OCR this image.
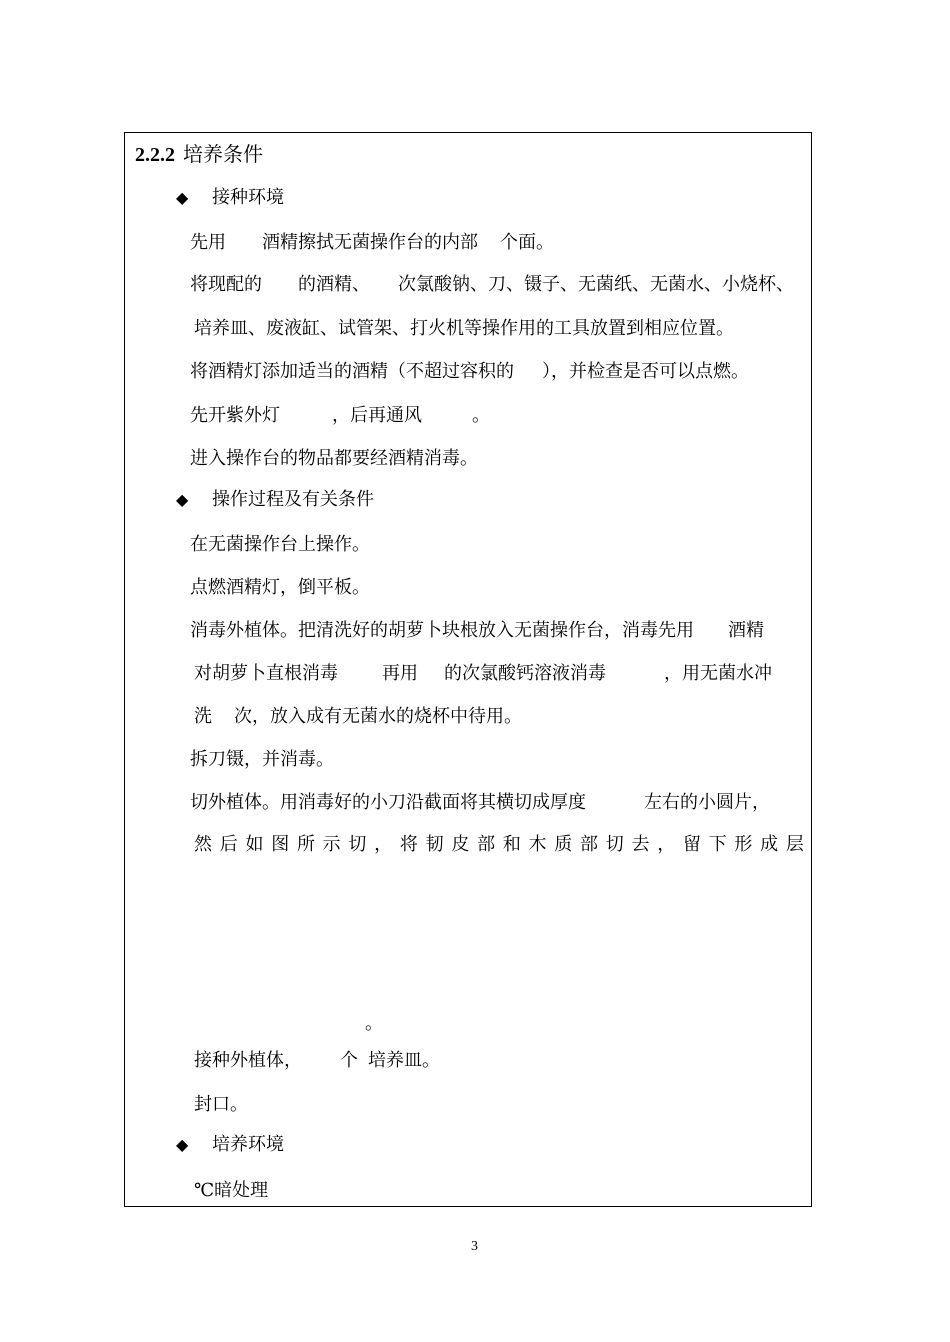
2.2.2 培养条件
◆ 接种环境
先用 酒精擦拭无菌操作台的内部 个面。
将现配的 的酒精、 次氯酸钠、刀、镊子、无菌纸、无菌水、小烧杯、
培养皿、废液缸、试管架、打火机等操作用的工具放置到相应位置。
将酒精灯添加适当的酒精（不超过容积的 ），并检查是否可以点燃。
先开紫外灯	，后再通风	。
进入操作台的物品都要经酒精消毒。
◆ 操作过程及有关条件
在无菌操作台上操作。
点燃酒精灯，倒平板。
消毒外植体。把清洗好的胡萝卜块根放入无菌操作台，消毒先用 酒精
对胡萝卜直根消毒 再用 的次氯酸钙溶液消毒	，用无菌水冲
洗 次，放入成有无菌水的烧杯中待用。
拆刀镊，并消毒。
切外植体。用消毒好的小刀沿截面将其横切成厚度	左右的小圆片，
然 后 如 图 所 示 切 ， 将 韧 皮 部 和 木 质 部 切 去 ， 留 下 形 成 层
。
接种外植体， 个 培养皿。
封口。
◆ 培养环境
℃暗处理
3
